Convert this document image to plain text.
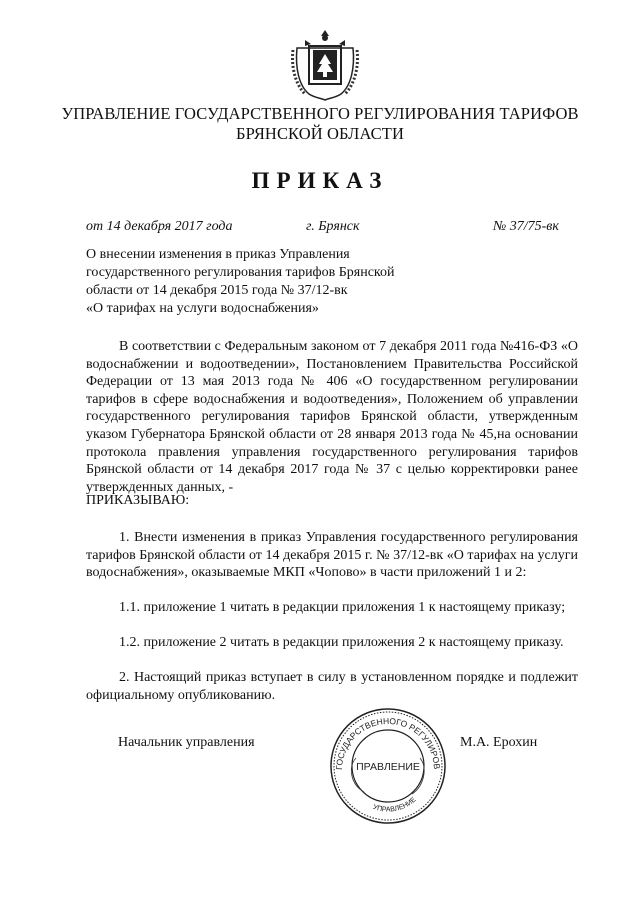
УПРАВЛЕНИЕ ГОСУДАРСТВЕННОГО РЕГУЛИРОВАНИЯ ТАРИФОВ
БРЯНСКОЙ ОБЛАСТИ
ПРИКАЗ
от 14 декабря 2017 года	г. Брянск	№ 37/75-вк
О внесении изменения в приказ Управления
государственного регулирования тарифов Брянской
области от 14 декабря 2015 года № 37/12-вк
«О тарифах на услуги водоснабжения»
В соответствии с Федеральным законом от 7 декабря 2011 года №416-ФЗ «О водоснабжении и водоотведении», Постановлением Правительства Российской Федерации от 13 мая 2013 года № 406 «О государственном регулировании тарифов в сфере водоснабжения и водоотведения», Положением об управлении государственного регулирования тарифов Брянской области, утвержденным указом Губернатора Брянской области от 28 января 2013 года № 45,на основании протокола правления управления государственного регулирования тарифов Брянской области от 14 декабря 2017 года № 37 с целью корректировки ранее утвержденных данных, -
ПРИКАЗЫВАЮ:
1. Внести изменения в приказ Управления государственного регулирования тарифов Брянской области от 14 декабря 2015 г. № 37/12-вк «О тарифах на услуги водоснабжения», оказываемые МКП «Чопово» в части приложений 1 и 2:
1.1. приложение 1 читать в редакции приложения 1 к настоящему приказу;
1.2. приложение 2 читать в редакции приложения 2 к настоящему приказу.
2. Настоящий приказ вступает в силу в установленном порядке и подлежит официальному опубликованию.
Начальник управления	М.А. Ерохин
ГОСУДАРСТВЕННОГО РЕГУЛИРОВ
УПРАВЛЕНИЕ
ПРАВЛЕНИЕ
